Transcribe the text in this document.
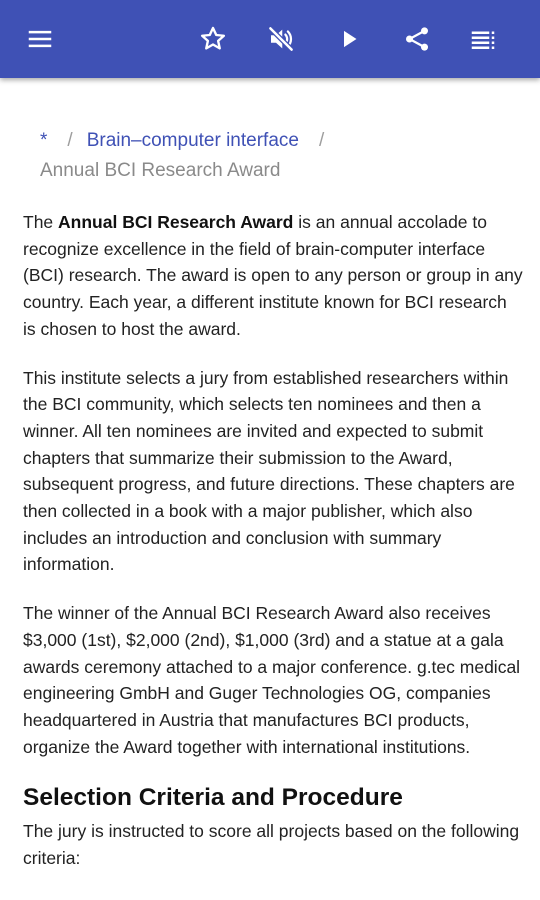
* / Brain–computer interface /
Annual BCI Research Award

The Annual BCI Research Award is an annual accolade to recognize excellence in the field of brain-computer interface (BCI) research. The award is open to any person or group in any country. Each year, a different institute known for BCI research is chosen to host the award.

This institute selects a jury from established researchers within the BCI community, which selects ten nominees and then a winner. All ten nominees are invited and expected to submit chapters that summarize their submission to the Award, subsequent progress, and future directions. These chapters are then collected in a book with a major publisher, which also includes an introduction and conclusion with summary information.

The winner of the Annual BCI Research Award also receives $3,000 (1st), $2,000 (2nd), $1,000 (3rd) and a statue at a gala awards ceremony attached to a major conference. g.tec medical engineering GmbH and Guger Technologies OG, companies headquartered in Austria that manufactures BCI products, organize the Award together with international institutions.

Selection Criteria and Procedure

The jury is instructed to score all projects based on the following criteria:
